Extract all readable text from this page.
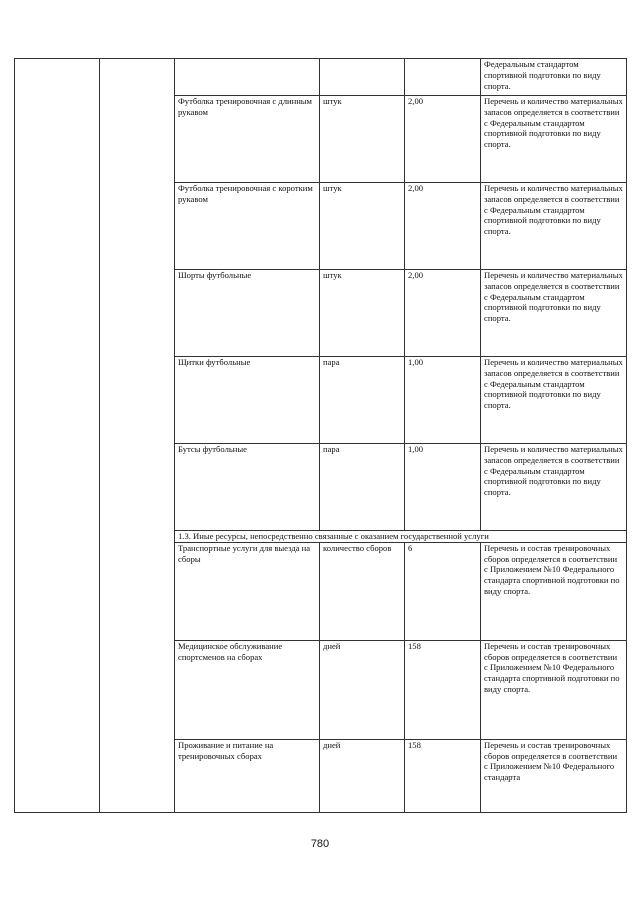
					Федеральным стандартом спортивной подготовки по виду спорта.
		Футболка тренировочная с длинным рукавом	штук	2,00	Перечень и количество материальных запасов определяется в соответствии с Федеральным стандартом спортивной подготовки по виду спорта.
		Футболка тренировочная с коротким рукавом	штук	2,00	Перечень и количество материальных запасов определяется в соответствии с Федеральным стандартом спортивной подготовки по виду спорта.
		Шорты футбольные	штук	2,00	Перечень и количество материальных запасов определяется в соответствии с Федеральным стандартом спортивной подготовки по виду спорта.
		Щитки футбольные	пара	1,00	Перечень и количество материальных запасов определяется в соответствии с Федеральным стандартом спортивной подготовки по виду спорта.
		Бутсы футбольные	пара	1,00	Перечень и количество материальных запасов определяется в соответствии с Федеральным стандартом спортивной подготовки по виду спорта.
		1.3. Иные ресурсы, непосредственно связанные с оказанием государственной услуги			
		Транспортные услуги для выезда на сборы	количество сборов	6	Перечень и состав тренировочных сборов определяется в соответствии с Приложением №10 Федерального стандарта спортивной подготовки по виду спорта.
		Медицинское обслуживание спортсменов на сборах	дней	158	Перечень и состав тренировочных сборов определяется в соответствии с Приложением №10 Федерального стандарта спортивной подготовки по виду спорта.
		Проживание и питание на тренировочных сборах	дней	158	Перечень и состав тренировочных сборов определяется в соответствии с Приложением №10 Федерального стандарта
780
